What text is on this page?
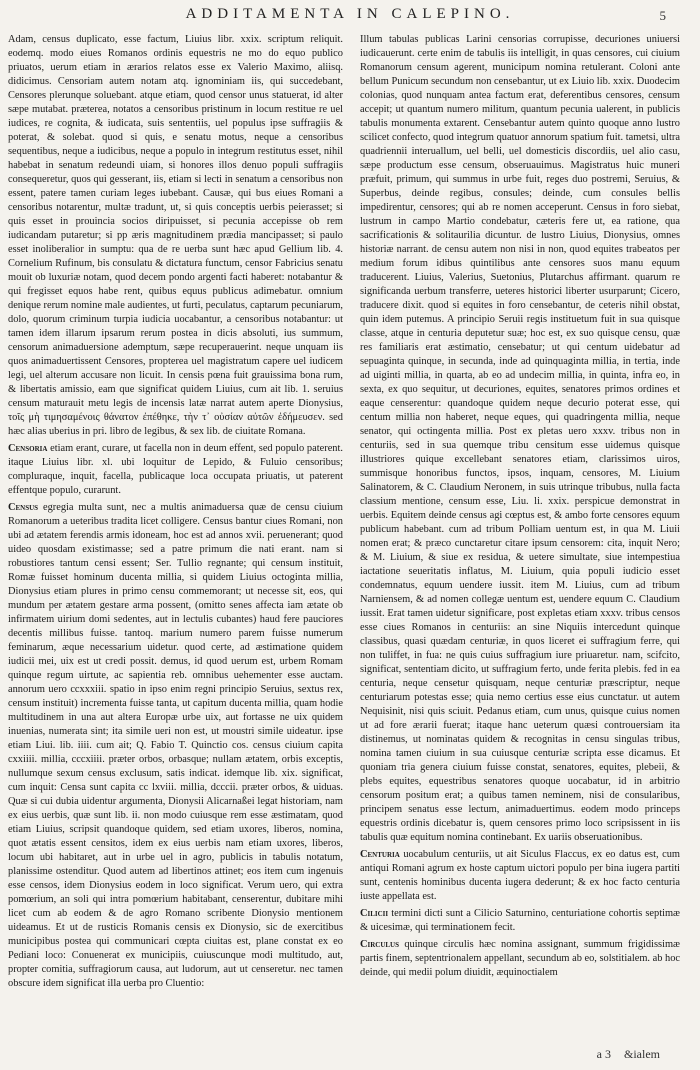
ADDITAMENTA IN CALEPINO.	5

Adam, census duplicato, esse factum, Liuius libr. xxix. scriptum reliquit. eodemq. modo eiues Romanos ordinis equestris ne mo do equo publico priuatos, uerum etiam in ærarios relatos esse ex Valerio Maximo, aliisq. didicimus. Censoriam autem notam atq. ignominiam iis, qui succedebant, Censores plerunque soluebant. atque etiam, quod censor unus statuerat, id alter sæpe mutabat. præterea, notatos a censoribus pristinum in locum restitue re uel iudices, re cognita, & iudicata, suis sententiis, uel populus ipse suffragiis & poterat, & solebat. quod si quis, e senatu motus, neque a censoribus sequentibus, neque a iudicibus, neque a populo in integrum restitutus esset, nihil habebat in senatum redeundi uiam, si honores illos denuo populi suffragiis consequeretur, quos qui gesserant, iis, etiam si lecti in senatum a censoribus non essent, patere tamen curiam leges iubebant. Causæ, qui bus eiues Romani a censoribus notarentur, multæ tradunt, ut, si quis conceptis uerbis peierasset; si quis esset in prouincia socios diripuisset, si pecunia accepisse ob rem iudicandam putaretur; si pp æris magnitudinem prædia mancipasset; si paulo esset inoliberalior in sumptu: qua de re uerba sunt hæc apud Gellium lib. 4. Cornelium Rufinum, bis consulatu & dictatura functum, censor Fabricius senatu mouit ob luxuriæ notam, quod decem pondo argenti facti haberet: notabantur & qui fregisset equos habe rent, quibus equus publicus adimebatur. omnium denique rerum nomine male audientes, ut furti, peculatus, captarum pecuniarum, dolo, quorum criminum turpia iudicia uocabantur, a censoribus notabantur: ut tamen idem illarum ipsarum rerum postea in dicis absoluti, ius summum, censorum animaduersione ademptum, sæpe recuperauerint. neque unquam iis quos animaduertissent Censores, propterea uel magistratum capere uel iudicem legi, uel alterum accusare non licuit. In censis pœna fuit grauissima bona rum, & libertatis amissio, eam que significat quidem Liuius, cum ait lib. 1. seruius censum maturauit metu legis de incensis latæ narrat autem aperte Dionysius, τοῖς μὴ τιμησαμένοις θάνατον ἐπέθηκε, τὴν τ᾽ οὐσίαν αὐτῶν ἐδήμευσεν. sed hæc alias uberius in pri. libro de legibus, & sex lib. de ciuitate Romana.

Censoria etiam erant, curare, ut facella non in deum effent, sed populo paterent. itaque Liuius libr. xl. ubi loquitur de Lepido, & Fuluio censoribus; compluraque, inquit, facella, publicaque loca occupata priuatis, ut paterent effentque populo, curarunt.

Census egregia multa sunt, nec a multis animaduersa quæ de censu ciuium Romanorum a ueteribus tradita licet colligere. Census bantur ciues Romani, non ubi ad ætatem ferendis armis idoneam, hoc est ad annos xvii. peruenerant; quod uideo quosdam existimasse; sed a patre primum die nati erant. nam si robustiores tantum censi essent; Ser. Tullio regnante; qui censum instituit, Romæ fuisset hominum ducenta millia, si quidem Liuius octoginta millia, Dionysius etiam plures in primo censu commemorant; ut necesse sit, eos, qui mundum per ætatem gestare arma possent, (omitto senes affecta iam ætate ob infirmatem uirium domi sedentes, aut in lectulis cubantes) haud fere pauciores decentis millibus fuisse. tantoq. marium numero parem fuisse numerum feminarum, æque necessarium uidetur. quod certe, ad æstimatione quidem iudicii mei, uix est ut credi possit. demus, id quod uerum est, urbem Romam quinque regum uirtute, ac sapientia reb. omnibus uehementer esse auctam. annorum uero ccxxxiii. spatio in ipso enim regni principio Seruius, sextus rex, censum instituit) incrementa fuisse tanta, ut capitum ducenta millia, quam hodie multitudinem in una aut altera Europæ urbe uix, aut fortasse ne uix quidem inuenias, numerata sint; ita simile ueri non est, ut moustri simile uideatur. ipse etiam Liui. lib. iiii. cum ait; Q. Fabio T. Quinctio cos. census ciuium capita cxxiiii. millia, cccxiiii. præter orbos, orbasque; nullam ætatem, orbis exceptis, nullumque sexum census exclusum, satis indicat. idemque lib. xix. significat, cum inquit: Censa sunt capita cc lxviii. millia, dcccii. præter orbos, & uiduas. Quæ si cui dubia uidentur argumenta, Dionysii Alicarnaßei legat historiam, nam ex eius uerbis, quæ sunt lib. ii. non modo cuiusque rem esse æstimatam, quod etiam Liuius, scripsit quandoque quidem, sed etiam uxores, liberos, nomina, quot ætatis essent censitos, idem ex eius uerbis nam etiam uxores, liberos, locum ubi habitaret, aut in urbe uel in agro, publicis in tabulis notatum, planissime ostenditur. Quod autem ad libertinos attinet; eos item cum ingenuis esse censos, idem Dionysius eodem in loco significat. Verum uero, qui extra pomœrium, an soli qui intra pomœrium habitabant, censerentur, dubitare mihi licet cum ab eodem & de agro Romano scribente Dionysio mentionem uideamus. Et ut de rusticis Romanis censis ex Dionysio, sic de exercitibus municipibus postea qui communicari cœpta ciuitas est, plane constat ex eo Pediani loco: Conuenerat ex municipiis, cuiuscunque modi multitudo, aut, propter comitia, suffragiorum causa, aut ludorum, aut ut censeretur. nec tamen obscure idem significat illa uerba pro Cluentio:

Illum tabulas publicas Larini censorias corrupisse, decuriones uniuersi iudicauerunt. certe enim de tabulis iis intelligit, in quas censores, cui ciuium Romanorum censum agerent, municipum nomina retulerant. Coloni ante bellum Punicum secundum non censebantur, ut ex Liuio lib. xxix. Duodecim colonias, quod nunquam antea factum erat, deferentibus censores, censum accepit; ut quantum numero militum, quantum pecunia ualerent, in publicis tabulis monumenta extarent. Censebantur autem quinto quoque anno lustro scilicet confecto, quod integrum quatuor annorum spatium fuit. tametsi, ultra quadriennii interuallum, uel belli, uel domesticis discordiis, uel alio casu, sæpe productum esse censum, obseruauimus. Magistratus huic muneri præfuit, primum, qui summus in urbe fuit, reges duo postremi, Seruius, & Superbus, deinde regibus, consules; deinde, cum consules bellis impedirentur, censores; qui ab re nomen acceperunt. Census in foro siebat, lustrum in campo Martio condebatur, cæteris fere ut, ea ratione, qua sacrificationis & solitaurilia dicuntur. de lustro Liuius, Dionysius, omnes historiæ narrant. de censu autem non nisi in non, quod equites trabeatos per medium forum idibus quintilibus ante censores suos manu equum traducerent. Liuius, Valerius, Suetonius, Plutarchus affirmant. quarum re significanda uerbum transferre, ueteres historici liberter usurparunt; Cicero, traducere dixit. quod si equites in foro censebantur, de ceteris nihil obstat, quin idem putemus. A principio Seruii regis instituetum fuit in sua quisque classe, atque in centuria deputetur suæ; hoc est, ex suo quisque censu, quæ res familiaris erat æstimatio, censebatur; ut qui centum uidebatur ad sepuaginta quinque, in secunda, inde ad quinquaginta millia, in tertia, inde ad uiginti millia, in quarta, ab eo ad undecim millia, in quinta, infra eo, in sexta, ex quo sequitur, ut decuriones, equites, senatores primos ordines et eaque censerentur: quandoque quidem neque decurio poterat esse, qui centum millia non haberet, neque eques, qui quadringenta millia, neque senator, qui octingenta millia. Post ex pletas uero xxxv. tribus non in centuriis, sed in sua quemque tribu censitum esse uidemus quisque illustriores quique excellebant senatores etiam, clarissimos uiros, summisque honoribus functos, ipsos, inquam, censores, M. Liuium Salinatorem, & C. Claudium Neronem, in suis utrinque tribubus, nulla facta classium mentione, censum esse, Liu. li. xxix. perspicue demonstrat in uerbis. Equitem deinde census agi cœptus est, & ambo forte censores equum publicum habebant. cum ad tribum Polliam uentum est, in qua M. Liuii nomen erat; & præco cunctaretur citare ipsum censorem: cita, inquit Nero; & M. Liuium, & siue ex residua, & uetere simultate, siue intempestiua iactatione seueritatis inflatus, M. Liuium, quia populi iudicio esset condemnatus, equum uendere iussit. item M. Liuius, cum ad tribum Narniensem, & ad nomen collegæ uentum est, uendere equum C. Claudium iussit. Erat tamen uidetur significare, post expletas etiam xxxv. tribus censos esse ciues Romanos in centuriis: an sine Niquiis intercedunt quinque classibus, quasi quædam centuriæ, in quos liceret ei suffragium ferre, qui non tuliffet, in fua: ne quis cuius suffragium iure priuaretur. nam, scifcito, significat, sententiam dicito, ut suffragium ferto, unde ferita plebis. fed in ea centuria, neque censetur quisquam, neque centuriæ præscriptur, neque centuriarum potestas esse; quia nemo certius esse eius cunctatur. ut autem Nequisinit, nisi quis sciuit. Pedanus etiam, cum unus, quisque cuius nomen ut ad fore ærarii fuerat; itaque hanc ueterum quæsi controuersiam ita distinemus, ut nominatas quidem & recognitas in censu singulas tribus, nomina tamen ciuium in sua cuiusque centuriæ scripta esse dicamus. Et quoniam tria genera ciuium fuisse constat, senatores, equites, plebeii, & plebs equites, equestribus senatores quoque uocabatur, id in arbitrio censorum positum erat; a quibus tamen neminem, nisi de consularibus, principem senatus esse lectum, animaduertimus. eodem modo princeps equestris ordinis dicebatur is, quem censores primo loco scripsissent in iis tabulis quæ equitum nomina continebant. Ex uariis obseruationibus.

Centuria uocabulum centuriis, ut ait Siculus Flaccus, ex eo datus est, cum antiqui Romani agrum ex hoste captum uictori populo per bina iugera partiti sunt, centenis hominibus ducenta iugera dederunt; & ex hoc facto centuria iuste appellata est.

Cilicii termini dicti sunt a Cilicio Saturnino, centuriatione cohortis septimæ & uicesimæ, qui terminationem fecit.

Circulus quinque circulis hæc nomina assignant, summum frigidissimæ partis finem, septentrionalem appellant, secundum ab eo, solstitialem. ab hoc deinde, qui medii polum diuidit, æquinoctialem

a 3 &ialem
